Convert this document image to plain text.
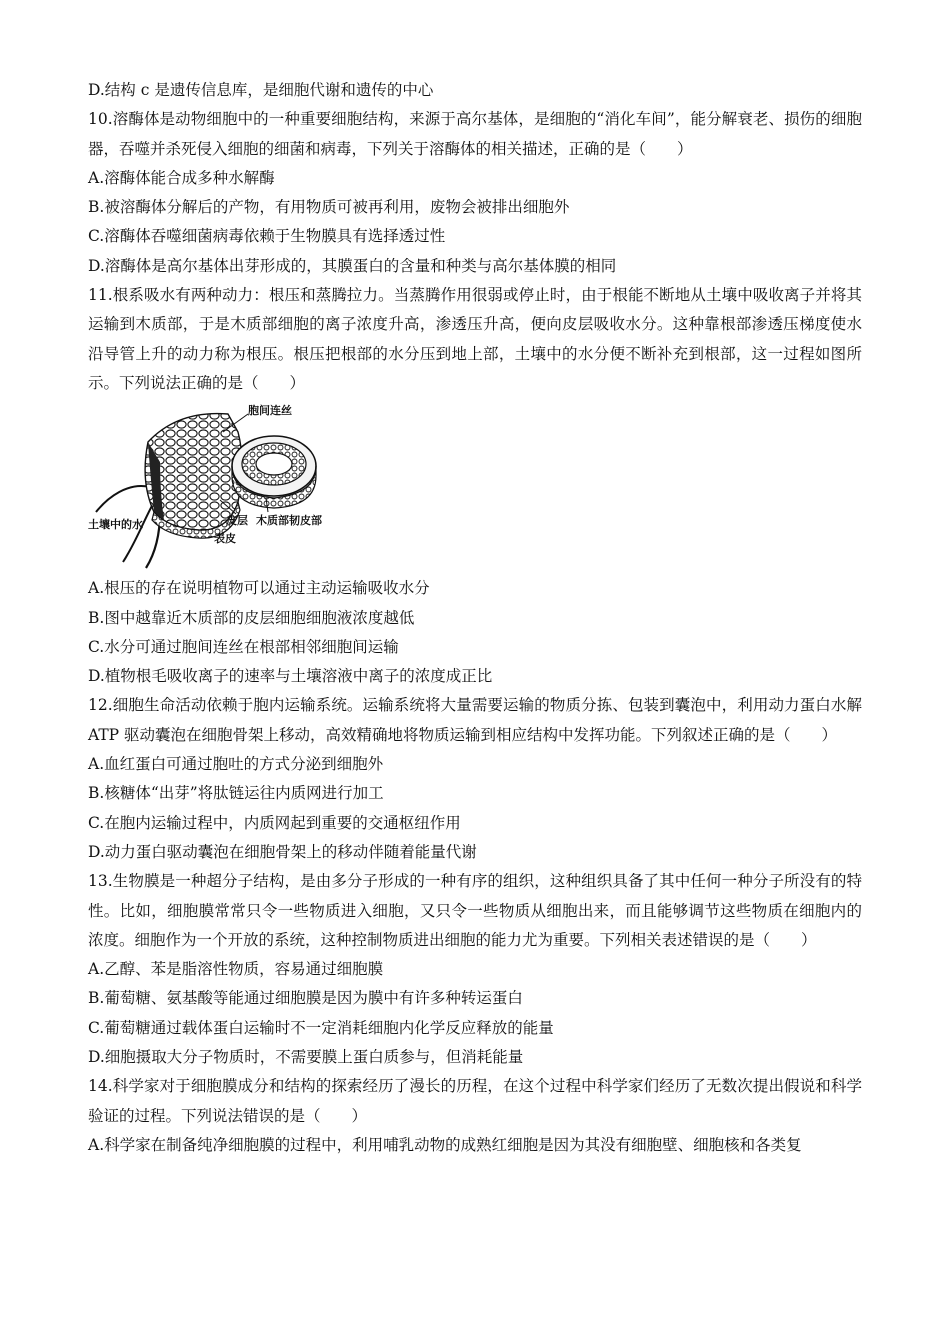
D.结构 c 是遗传信息库，是细胞代谢和遗传的中心

10.溶酶体是动物细胞中的一种重要细胞结构，来源于高尔基体，是细胞的“消化车间”，能分解衰老、损伤的细胞器，吞噬并杀死侵入细胞的细菌和病毒，下列关于溶酶体的相关描述，正确的是（　　）

A.溶酶体能合成多种水解酶

B.被溶酶体分解后的产物，有用物质可被再利用，废物会被排出细胞外

C.溶酶体吞噬细菌病毒依赖于生物膜具有选择透过性

D.溶酶体是高尔基体出芽形成的，其膜蛋白的含量和种类与高尔基体膜的相同

11.根系吸水有两种动力：根压和蒸腾拉力。当蒸腾作用很弱或停止时，由于根能不断地从土壤中吸收离子并将其运输到木质部，于是木质部细胞的离子浓度升高，渗透压升高，便向皮层吸收水分。这种靠根部渗透压梯度使水沿导管上升的动力称为根压。根压把根部的水分压到地上部，土壤中的水分便不断补充到根部，这一过程如图所示。下列说法正确的是（　　）

胞间连丝
土壤中的水	皮层
表皮
木质部韧皮部

A.根压的存在说明植物可以通过主动运输吸收水分

B.图中越靠近木质部的皮层细胞细胞液浓度越低

C.水分可通过胞间连丝在根部相邻细胞间运输

D.植物根毛吸收离子的速率与土壤溶液中离子的浓度成正比

12.细胞生命活动依赖于胞内运输系统。运输系统将大量需要运输的物质分拣、包装到囊泡中，利用动力蛋白水解 ATP 驱动囊泡在细胞骨架上移动，高效精确地将物质运输到相应结构中发挥功能。下列叙述正确的是（　　）

A.血红蛋白可通过胞吐的方式分泌到细胞外

B.核糖体“出芽”将肽链运往内质网进行加工

C.在胞内运输过程中，内质网起到重要的交通枢纽作用

D.动力蛋白驱动囊泡在细胞骨架上的移动伴随着能量代谢

13.生物膜是一种超分子结构，是由多分子形成的一种有序的组织，这种组织具备了其中任何一种分子所没有的特性。比如，细胞膜常常只令一些物质进入细胞，又只令一些物质从细胞出来，而且能够调节这些物质在细胞内的浓度。细胞作为一个开放的系统，这种控制物质进出细胞的能力尤为重要。下列相关表述错误的是（　　）

A.乙醇、苯是脂溶性物质，容易通过细胞膜

B.葡萄糖、氨基酸等能通过细胞膜是因为膜中有许多种转运蛋白

C.葡萄糖通过载体蛋白运输时不一定消耗细胞内化学反应释放的能量

D.细胞摄取大分子物质时，不需要膜上蛋白质参与，但消耗能量

14.科学家对于细胞膜成分和结构的探索经历了漫长的历程，在这个过程中科学家们经历了无数次提出假说和科学验证的过程。下列说法错误的是（　　）

A.科学家在制备纯净细胞膜的过程中，利用哺乳动物的成熟红细胞是因为其没有细胞壁、细胞核和各类复
